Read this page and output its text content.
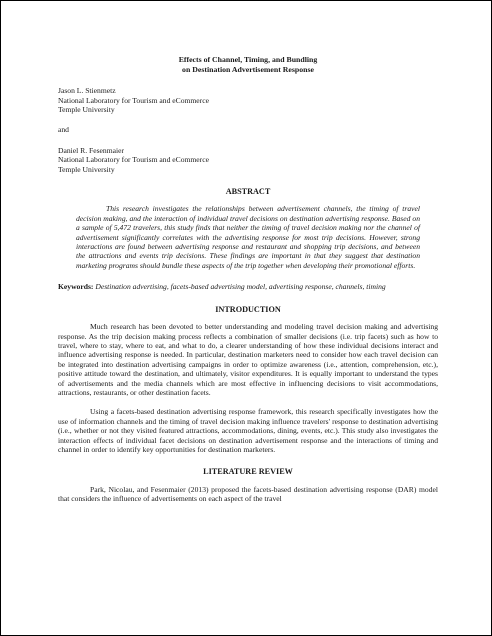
Effects of Channel, Timing, and Bundling
on Destination Advertisement Response
Jason L. Stienmetz
National Laboratory for Tourism and eCommerce
Temple University
and
Daniel R. Fesenmaier
National Laboratory for Tourism and eCommerce
Temple University
ABSTRACT
This research investigates the relationships between advertisement channels, the timing of travel decision making, and the interaction of individual travel decisions on destination advertising response. Based on a sample of 5,472 travelers, this study finds that neither the timing of travel decision making nor the channel of advertisement significantly correlates with the advertising response for most trip decisions. However, strong interactions are found between advertising response and restaurant and shopping trip decisions, and between the attractions and events trip decisions. These findings are important in that they suggest that destination marketing programs should bundle these aspects of the trip together when developing their promotional efforts.
Keywords: Destination advertising, facets-based advertising model, advertising response, channels, timing
INTRODUCTION

Much research has been devoted to better understanding and modeling travel decision making and advertising response. As the trip decision making process reflects a combination of smaller decisions (i.e. trip facets) such as how to travel, where to stay, where to eat, and what to do, a clearer understanding of how these individual decisions interact and influence advertising response is needed. In particular, destination marketers need to consider how each travel decision can be integrated into destination advertising campaigns in order to optimize awareness (i.e., attention, comprehension, etc.), positive attitude toward the destination, and ultimately, visitor expenditures. It is equally important to understand the types of advertisements and the media channels which are most effective in influencing decisions to visit accommodations, attractions, restaurants, or other destination facets.

Using a facets-based destination advertising response framework, this research specifically investigates how the use of information channels and the timing of travel decision making influence travelers' response to destination advertising (i.e., whether or not they visited featured attractions, accommodations, dining, events, etc.). This study also investigates the interaction effects of individual facet decisions on destination advertisement response and the interactions of timing and channel in order to identify key opportunities for destination marketers.

LITERATURE REVIEW

Park, Nicolau, and Fesenmaier (2013) proposed the facets-based destination advertising response (DAR) model that considers the influence of advertisements on each aspect of the travel
